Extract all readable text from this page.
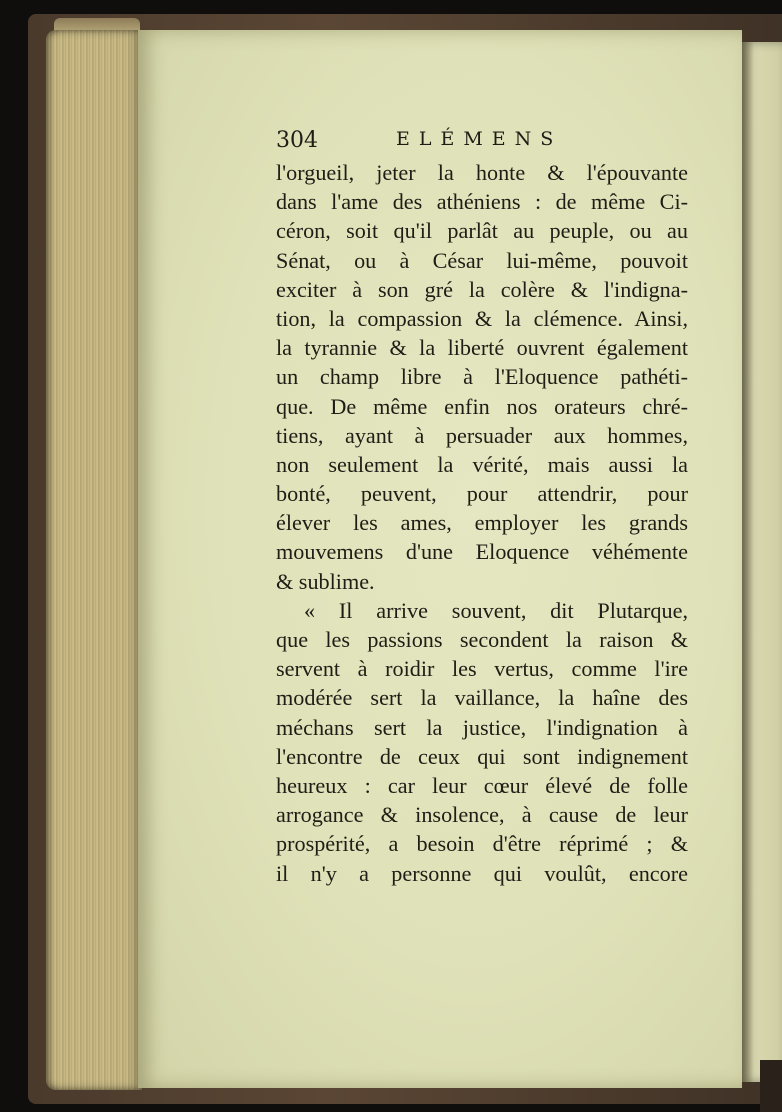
304	ELÉMENS
l'orgueil, jeter la honte & l'épouvante
dans l'ame des athéniens : de même Ci-
céron, soit qu'il parlât au peuple, ou au
Sénat, ou à César lui-même, pouvoit
exciter à son gré la colère & l'indigna-
tion, la compassion & la clémence. Ainsi,
la tyrannie & la liberté ouvrent également
un champ libre à l'Eloquence pathéti-
que. De même enfin nos orateurs chré-
tiens, ayant à persuader aux hommes,
non seulement la vérité, mais aussi la
bonté, peuvent, pour attendrir, pour
élever les ames, employer les grands
mouvemens d'une Eloquence véhémente
& sublime.
« Il arrive souvent, dit Plutarque,
que les passions secondent la raison &
servent à roidir les vertus, comme l'ire
modérée sert la vaillance, la haîne des
méchans sert la justice, l'indignation à
l'encontre de ceux qui sont indignement
heureux : car leur cœur élevé de folle
arrogance & insolence, à cause de leur
prospérité, a besoin d'être réprimé ; &
il n'y a personne qui voulût, encore
